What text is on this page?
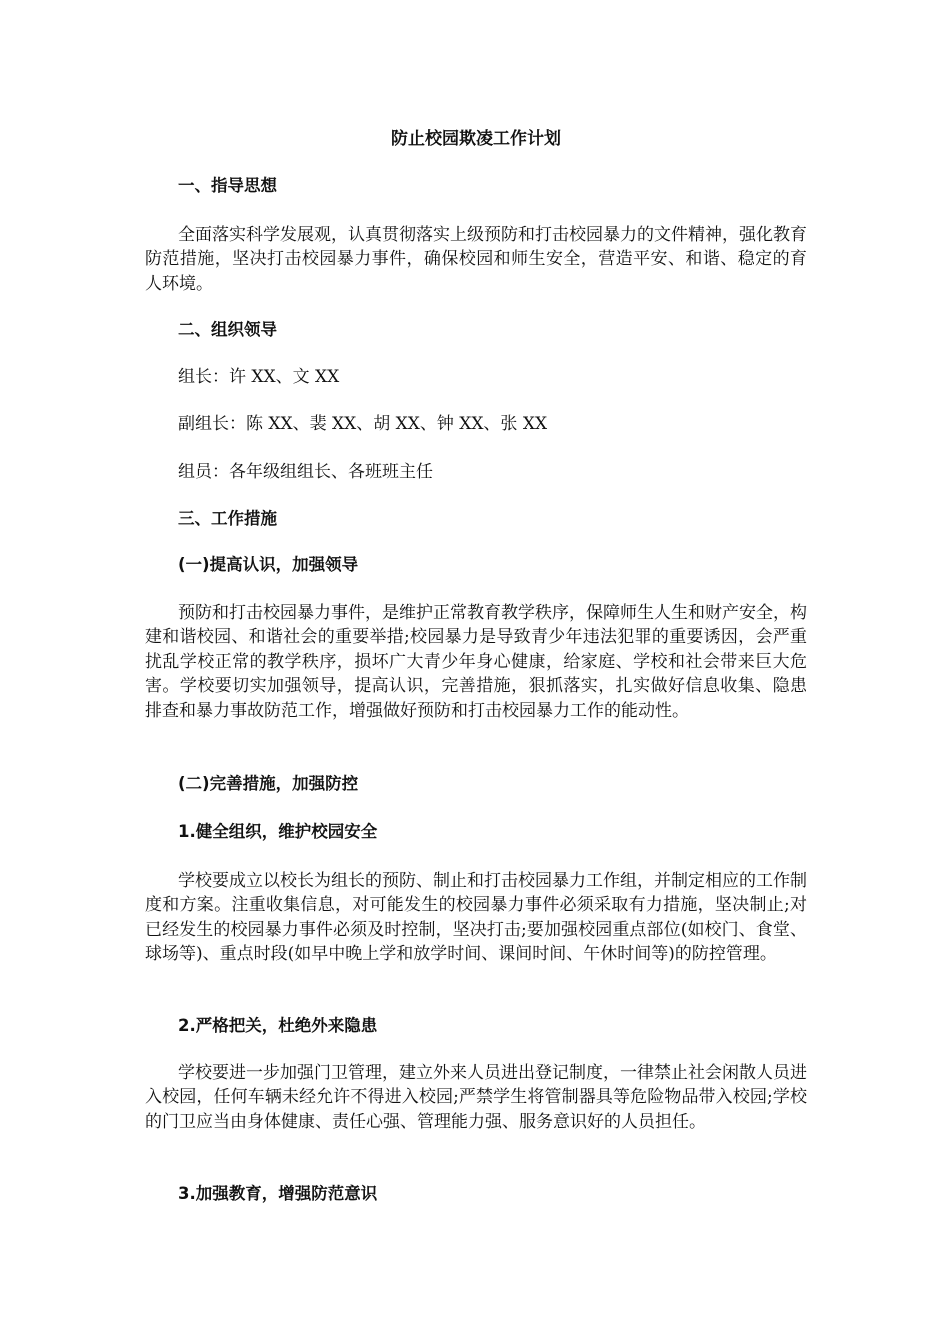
防止校园欺凌工作计划
一、指导思想
全面落实科学发展观，认真贯彻落实上级预防和打击校园暴力的文件精神，强化教育防范措施，坚决打击校园暴力事件，确保校园和师生安全，营造平安、和谐、稳定的育人环境。
二、组织领导
组长：许 XX、文 XX
副组长：陈 XX、裴 XX、胡 XX、钟 XX、张 XX
组员：各年级组组长、各班班主任
三、工作措施
(一)提高认识，加强领导
预防和打击校园暴力事件，是维护正常教育教学秩序，保障师生人生和财产安全，构建和谐校园、和谐社会的重要举措;校园暴力是导致青少年违法犯罪的重要诱因，会严重扰乱学校正常的教学秩序，损坏广大青少年身心健康，给家庭、学校和社会带来巨大危害。学校要切实加强领导，提高认识，完善措施，狠抓落实，扎实做好信息收集、隐患排查和暴力事故防范工作，增强做好预防和打击校园暴力工作的能动性。
(二)完善措施，加强防控
1.健全组织，维护校园安全
学校要成立以校长为组长的预防、制止和打击校园暴力工作组，并制定相应的工作制度和方案。注重收集信息，对可能发生的校园暴力事件必须采取有力措施，坚决制止;对已经发生的校园暴力事件必须及时控制，坚决打击;要加强校园重点部位(如校门、食堂、球场等)、重点时段(如早中晚上学和放学时间、课间时间、午休时间等)的防控管理。
2.严格把关，杜绝外来隐患
学校要进一步加强门卫管理，建立外来人员进出登记制度，一律禁止社会闲散人员进入校园，任何车辆未经允许不得进入校园;严禁学生将管制器具等危险物品带入校园;学校的门卫应当由身体健康、责任心强、管理能力强、服务意识好的人员担任。
3.加强教育，增强防范意识
